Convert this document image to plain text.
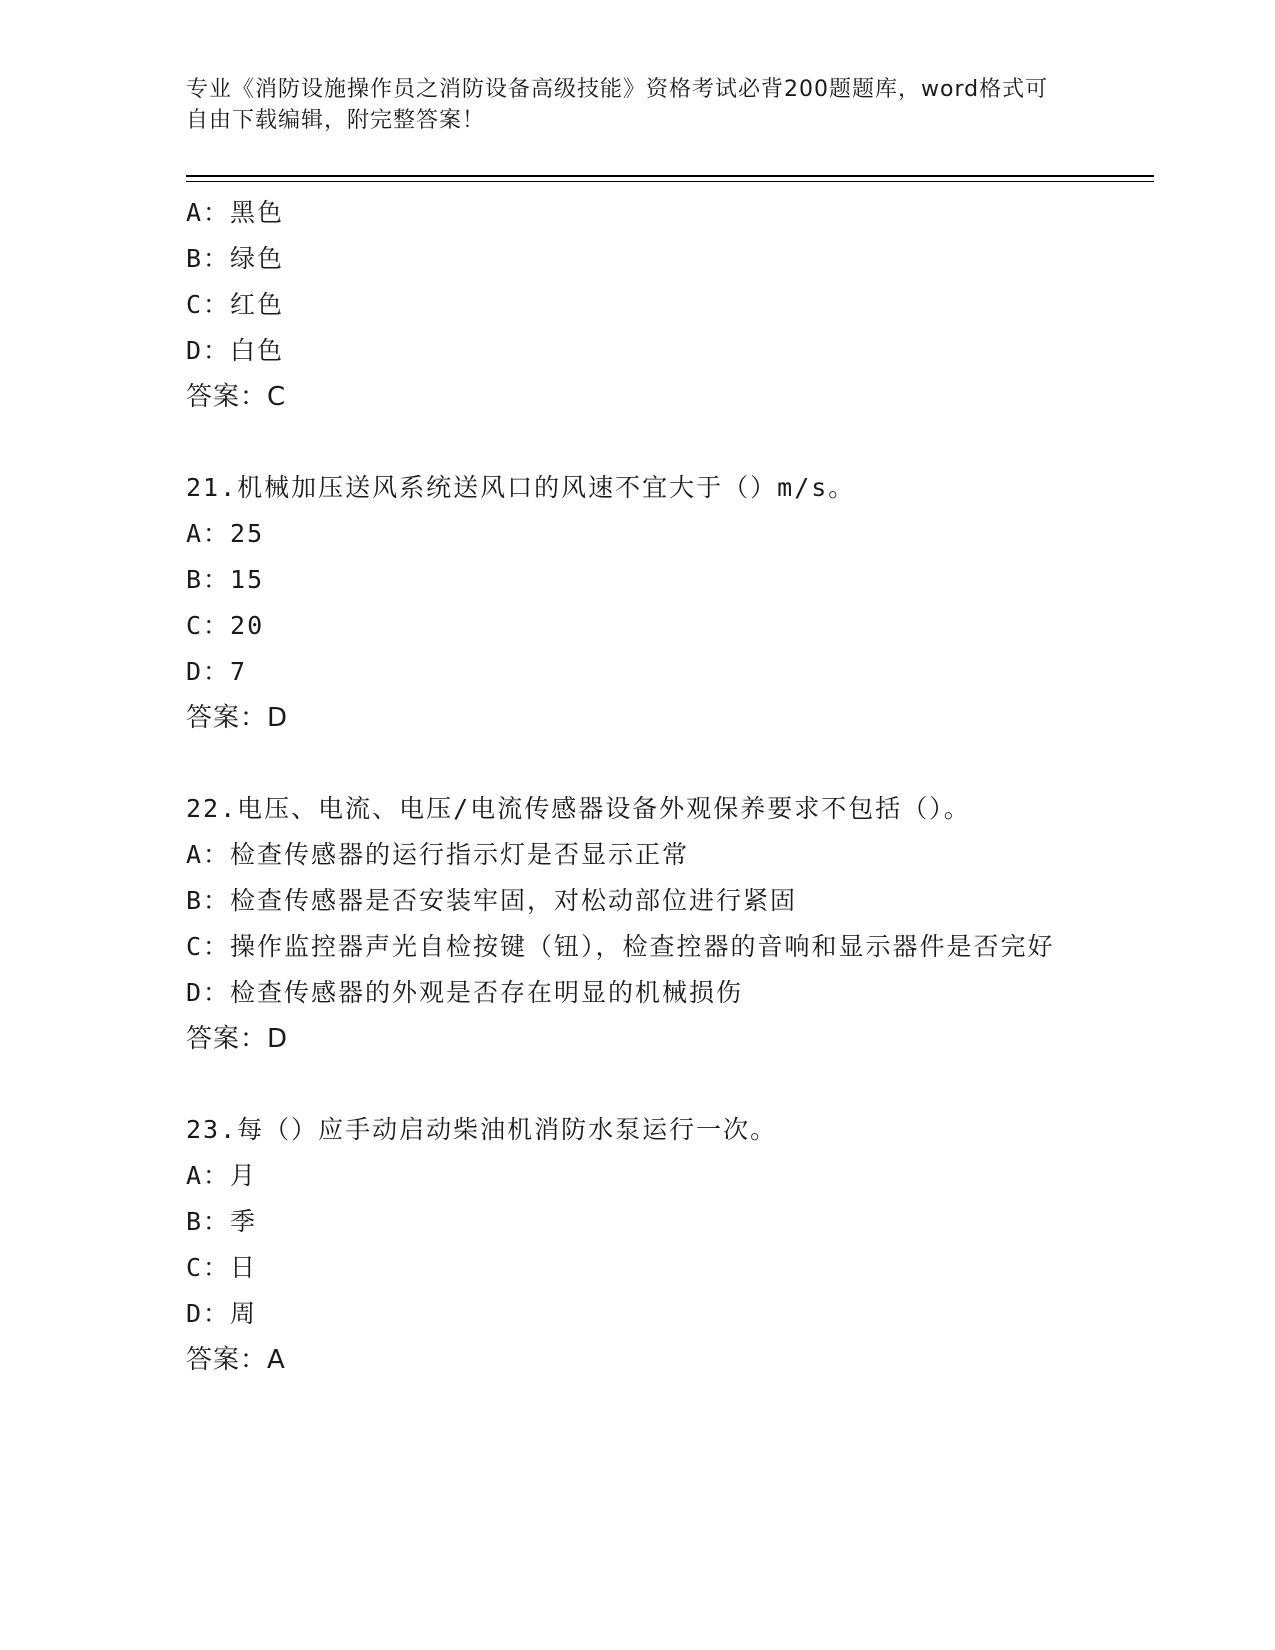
专业《消防设施操作员之消防设备高级技能》资格考试必背200题题库，word格式可自由下载编辑，附完整答案！
A：黑色
B：绿色
C：红色
D：白色
答案：C
21.机械加压送风系统送风口的风速不宜大于（）m/s。
A：25
B：15
C：20
D：7
答案：D
22.电压、电流、电压/电流传感器设备外观保养要求不包括（）。
A：检查传感器的运行指示灯是否显示正常
B：检查传感器是否安装牢固，对松动部位进行紧固
C：操作监控器声光自检按键（钮），检查控器的音响和显示器件是否完好
D：检查传感器的外观是否存在明显的机械损伤
答案：D
23.每（）应手动启动柴油机消防水泵运行一次。
A：月
B：季
C：日
D：周
答案：A
